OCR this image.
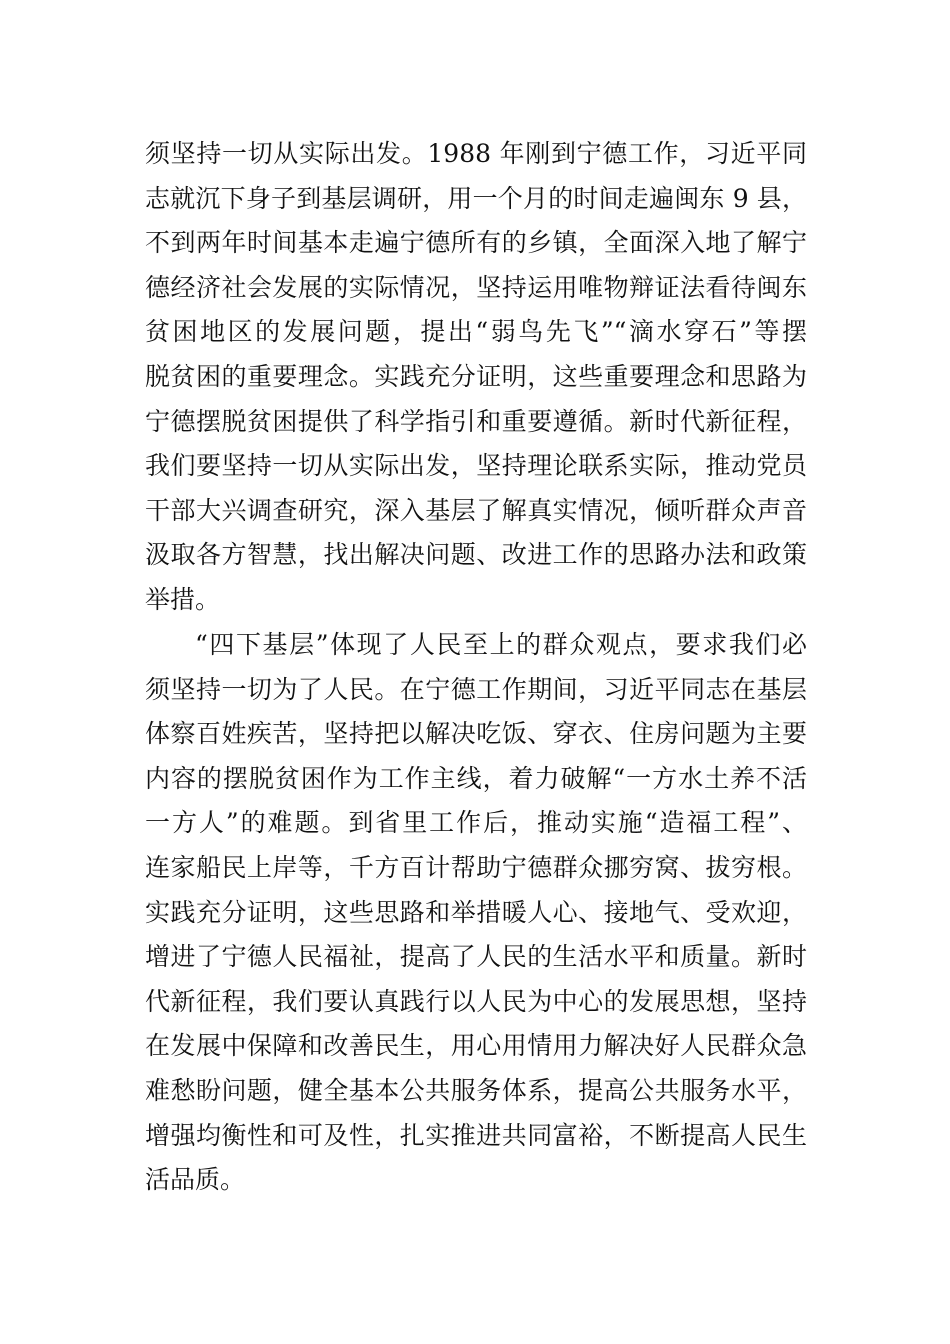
须坚持一切从实际出发。1988 年刚到宁德工作，习近平同
志就沉下身子到基层调研，用一个月的时间走遍闽东 9 县，
不到两年时间基本走遍宁德所有的乡镇，全面深入地了解宁
德经济社会发展的实际情况，坚持运用唯物辩证法看待闽东
贫困地区的发展问题，提出“弱鸟先飞”“滴水穿石”等摆
脱贫困的重要理念。实践充分证明，这些重要理念和思路为
宁德摆脱贫困提供了科学指引和重要遵循。新时代新征程，
我们要坚持一切从实际出发，坚持理论联系实际，推动党员
干部大兴调查研究，深入基层了解真实情况，倾听群众声音
汲取各方智慧，找出解决问题、改进工作的思路办法和政策
举措。
“四下基层”体现了人民至上的群众观点，要求我们必
须坚持一切为了人民。在宁德工作期间，习近平同志在基层
体察百姓疾苦，坚持把以解决吃饭、穿衣、住房问题为主要
内容的摆脱贫困作为工作主线，着力破解“一方水土养不活
一方人”的难题。到省里工作后，推动实施“造福工程”、
连家船民上岸等，千方百计帮助宁德群众挪穷窝、拔穷根。
实践充分证明，这些思路和举措暖人心、接地气、受欢迎，
增进了宁德人民福祉，提高了人民的生活水平和质量。新时
代新征程，我们要认真践行以人民为中心的发展思想，坚持
在发展中保障和改善民生，用心用情用力解决好人民群众急
难愁盼问题，健全基本公共服务体系，提高公共服务水平，
增强均衡性和可及性，扎实推进共同富裕，不断提高人民生
活品质。
